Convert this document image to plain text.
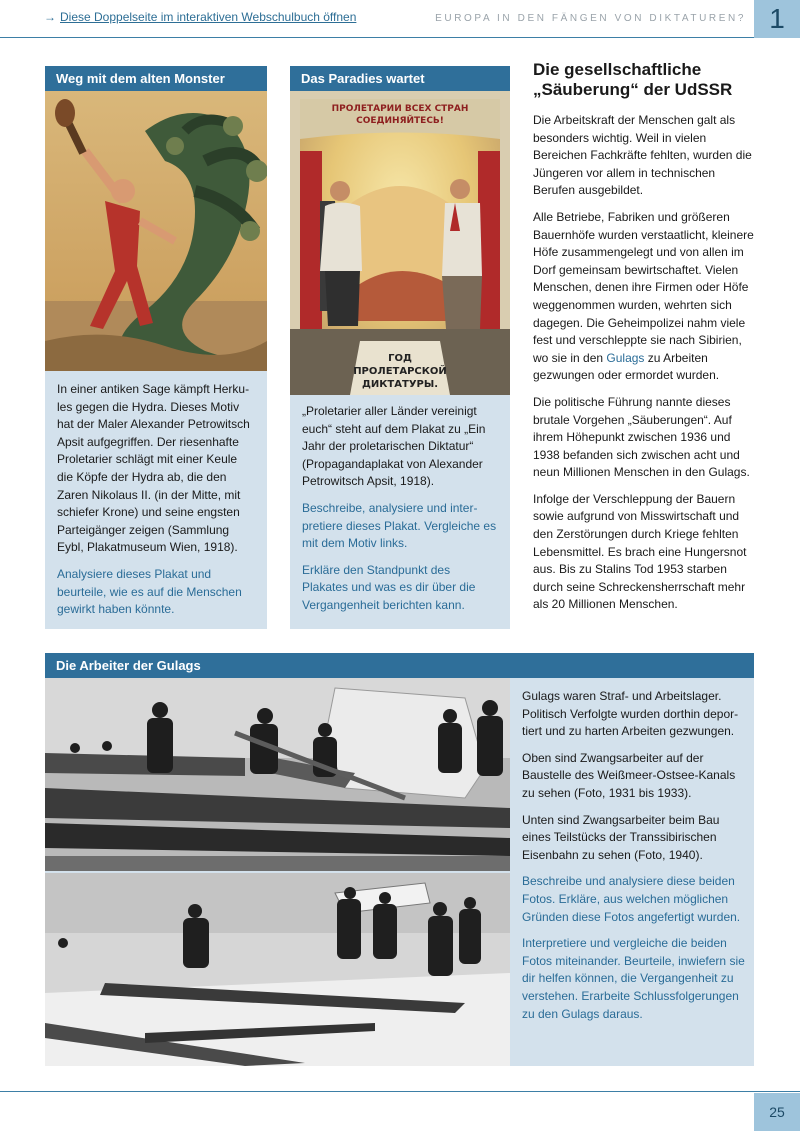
→ Diese Doppelseite im interaktiven Webschulbuch öffnen	EUROPA IN DEN FÄNGEN VON DIKTATUREN? 1
Weg mit dem alten Monster

In einer antiken Sage kämpft Herkules gegen die Hydra. Dieses Motiv hat der Maler Alexander Petrowitsch Apsit aufgegriffen. Der riesenhafte Proletarier schlägt mit einer Keule die Köpfe der Hydra ab, die den Zaren Nikolaus II. (in der Mitte, mit schiefer Krone) und seine engsten Parteigänger zeigen (Sammlung Eybl, Plakatmuseum Wien, 1918).

Analysiere dieses Plakat und beurteile, wie es auf die Menschen gewirkt haben könnte.

Das Paradies wartet
ПРОЛЕТАРИИ ВСЕХ СТРАН
СОЕДИНЯЙТЕСЬ!
ГОД
ПРОЛЕТАРСКОЙ
ДИКТАТУРЫ.

„Proletarier aller Länder vereinigt euch“ steht auf dem Plakat zu „Ein Jahr der proletarischen Diktatur“ (Propagandaplakat von Alexander Petrowitsch Apsit, 1918).

Beschreibe, analysiere und interpretiere dieses Plakat. Vergleiche es mit dem Motiv links.

Erkläre den Standpunkt des Plakates und was es dir über die Vergangenheit berichten kann.

Die gesellschaftliche
„Säuberung“ der UdSSR

Die Arbeitskraft der Menschen galt als besonders wichtig. Weil in vielen Bereichen Fachkräfte fehlten, wurden die Jüngeren vor allem in technischen Berufen ausgebildet.

Alle Betriebe, Fabriken und größeren Bauernhöfe wurden verstaatlicht, kleinere Höfe zusammengelegt und von allen im Dorf gemeinsam bewirtschaftet. Vielen Menschen, denen ihre Firmen oder Höfe weggenommen wurden, wehrten sich dagegen. Die Geheimpolizei nahm viele fest und verschleppte sie nach Sibirien, wo sie in den Gulags zu Arbeiten gezwungen oder ermordet wurden.

Die politische Führung nannte dieses brutale Vorgehen „Säuberungen“. Auf ihrem Höhepunkt zwischen 1936 und 1938 befanden sich zwischen acht und neun Millionen Menschen in den Gulags.

Infolge der Verschleppung der Bauern sowie aufgrund von Misswirtschaft und den Zerstörungen durch Kriege fehlten Lebensmittel. Es brach eine Hungersnot aus. Bis zu Stalins Tod 1953 starben durch seine Schreckensherrschaft mehr als 20 Millionen Menschen.

Die Arbeiter der Gulags

Gulags waren Straf- und Arbeitslager. Politisch Verfolgte wurden dorthin deportiert und zu harten Arbeiten gezwungen.

Oben sind Zwangsarbeiter auf der Baustelle des Weißmeer-Ostsee-Kanals zu sehen (Foto, 1931 bis 1933).

Unten sind Zwangsarbeiter beim Bau eines Teilstücks der Transsibirischen Eisenbahn zu sehen (Foto, 1940).

Beschreibe und analysiere diese beiden Fotos. Erkläre, aus welchen möglichen Gründen diese Fotos angefertigt wurden.

Interpretiere und vergleiche die beiden Fotos miteinander. Beurteile, inwiefern sie dir helfen können, die Vergangenheit zu verstehen. Erarbeite Schlussfolgerungen zu den Gulags daraus.

25
